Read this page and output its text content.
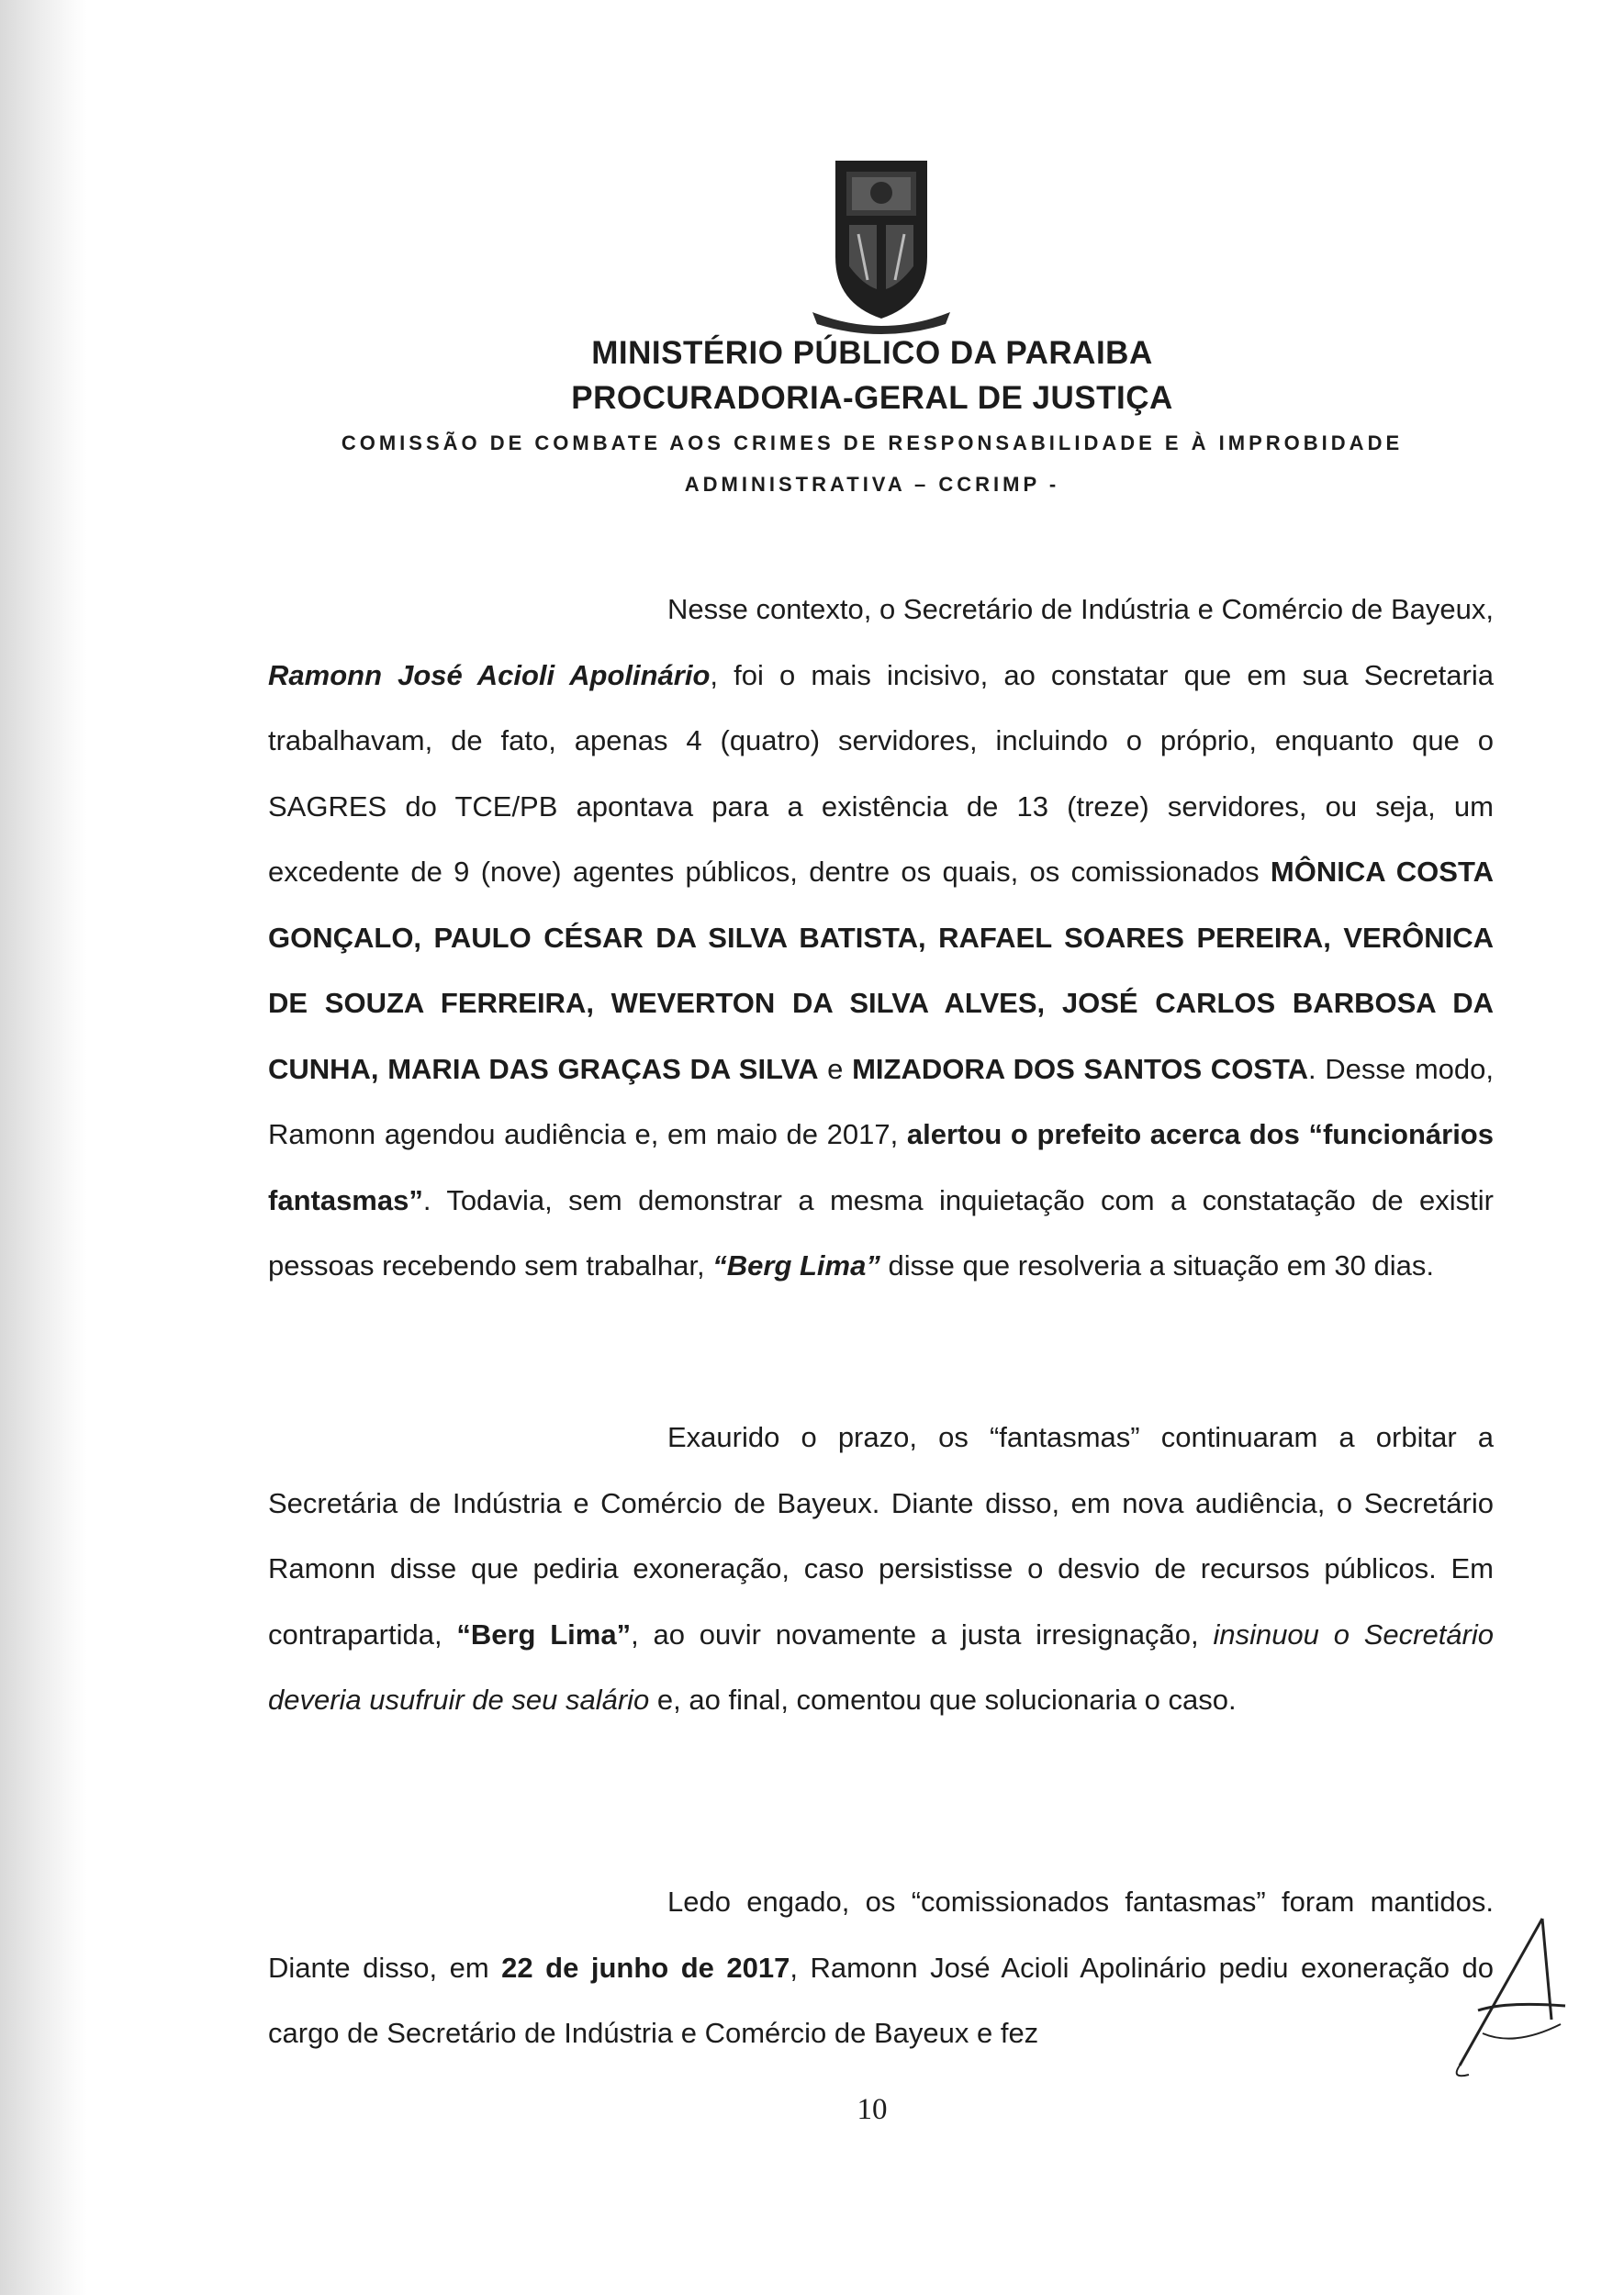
MINISTÉRIO PÚBLICO DA PARAIBA
PROCURADORIA-GERAL DE JUSTIÇA
COMISSÃO DE COMBATE AOS CRIMES DE RESPONSABILIDADE E À IMPROBIDADE
ADMINISTRATIVA – CCRIMP -
Nesse contexto, o Secretário de Indústria e Comércio de Bayeux, Ramonn José Acioli Apolinário, foi o mais incisivo, ao constatar que em sua Secretaria trabalhavam, de fato, apenas 4 (quatro) servidores, incluindo o próprio, enquanto que o SAGRES do TCE/PB apontava para a existência de 13 (treze) servidores, ou seja, um excedente de 9 (nove) agentes públicos, dentre os quais, os comissionados MÔNICA COSTA GONÇALO, PAULO CÉSAR DA SILVA BATISTA, RAFAEL SOARES PEREIRA, VERÔNICA DE SOUZA FERREIRA, WEVERTON DA SILVA ALVES, JOSÉ CARLOS BARBOSA DA CUNHA, MARIA DAS GRAÇAS DA SILVA e MIZADORA DOS SANTOS COSTA. Desse modo, Ramonn agendou audiência e, em maio de 2017, alertou o prefeito acerca dos “funcionários fantasmas”. Todavia, sem demonstrar a mesma inquietação com a constatação de existir pessoas recebendo sem trabalhar, “Berg Lima” disse que resolveria a situação em 30 dias.
Exaurido o prazo, os “fantasmas” continuaram a orbitar a Secretária de Indústria e Comércio de Bayeux. Diante disso, em nova audiência, o Secretário Ramonn disse que pediria exoneração, caso persistisse o desvio de recursos públicos. Em contrapartida, “Berg Lima”, ao ouvir novamente a justa irresignação, insinuou o Secretário deveria usufruir de seu salário e, ao final, comentou que solucionaria o caso.
Ledo engado, os “comissionados fantasmas” foram mantidos. Diante disso, em 22 de junho de 2017, Ramonn José Acioli Apolinário pediu exoneração do cargo de Secretário de Indústria e Comércio de Bayeux e fez
10
